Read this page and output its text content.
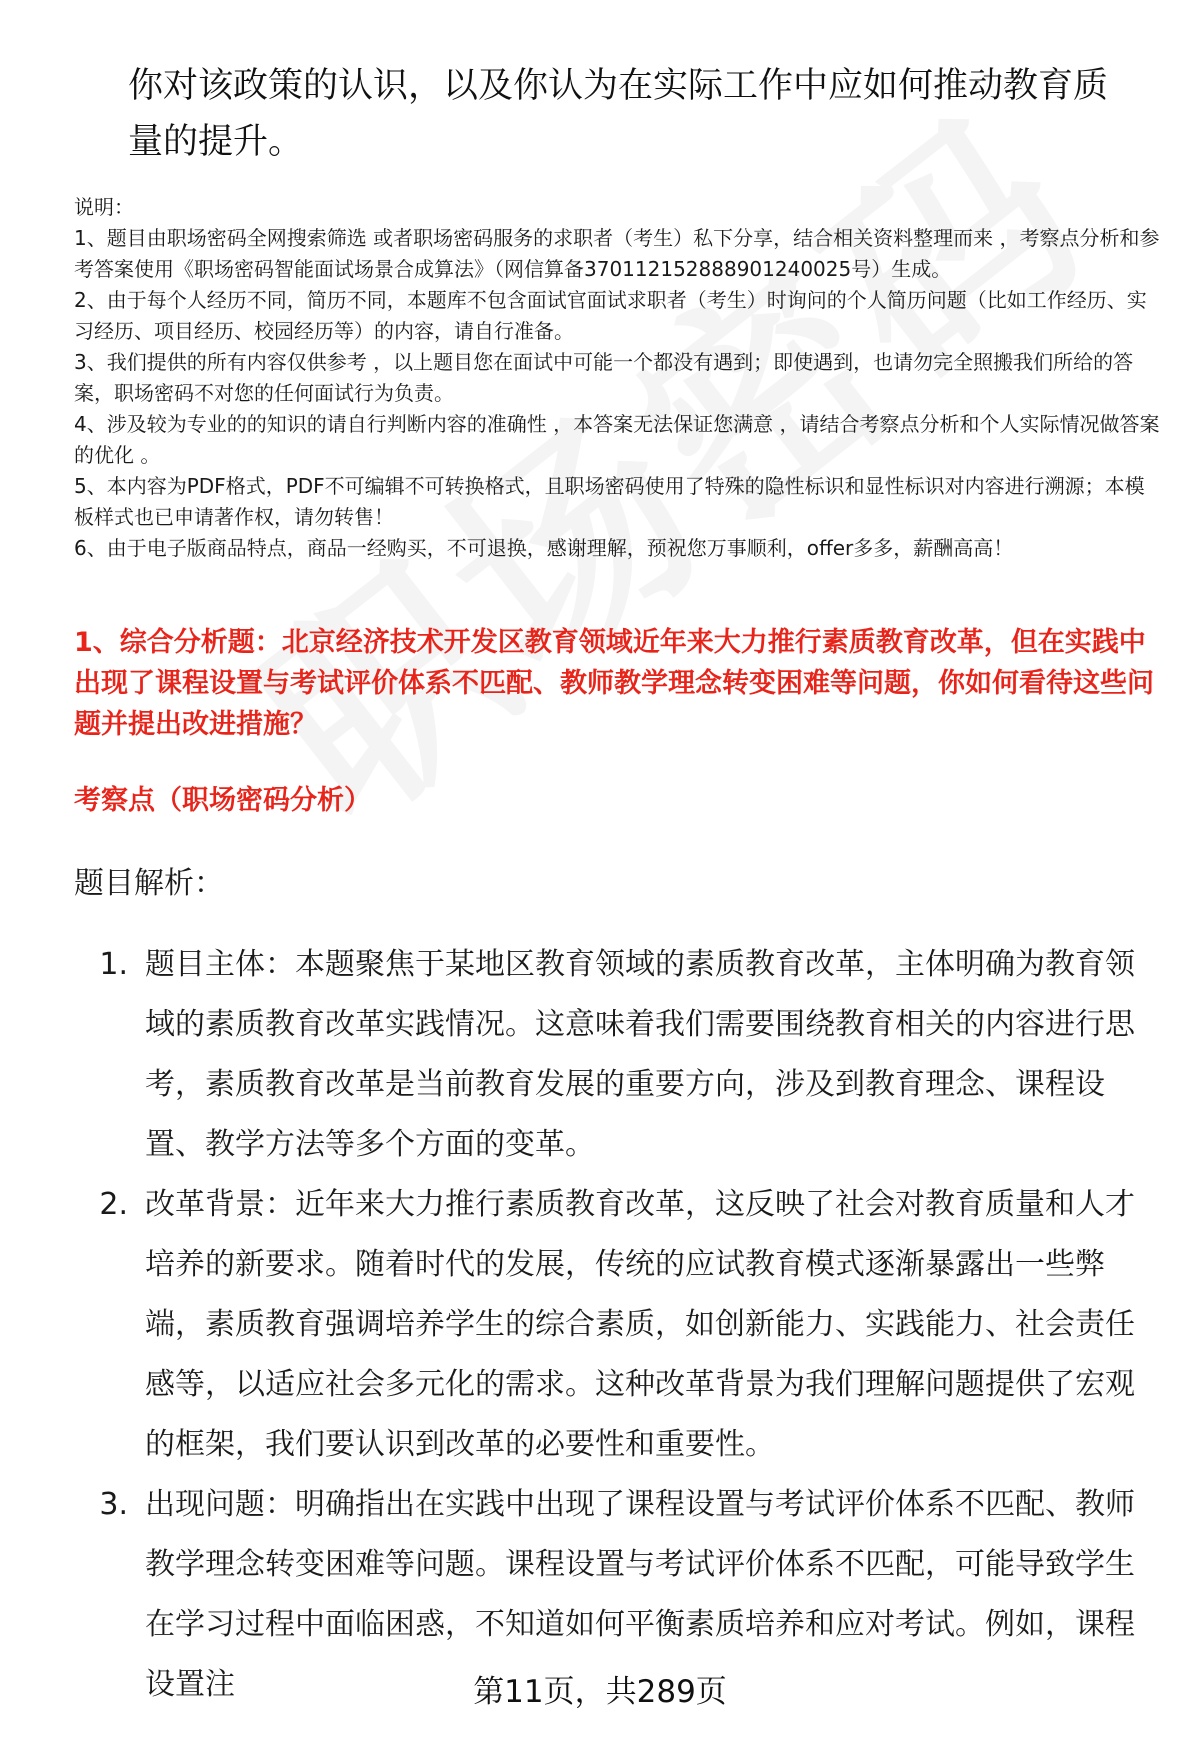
你对该政策的认识，以及你认为在实际工作中应如何推动教育质量的提升。

说明：

1、题目由职场密码全网搜索筛选 或者职场密码服务的求职者（考生）私下分享，结合相关资料整理而来 ，考察点分析和参考答案使用《职场密码智能面试场景合成算法》（网信算备370112152888901240025号）生成。

2、由于每个人经历不同，简历不同，本题库不包含面试官面试求职者（考生）时询问的个人简历问题（比如工作经历、实习经历、项目经历、校园经历等）的内容，请自行准备。

3、我们提供的所有内容仅供参考 ，以上题目您在面试中可能一个都没有遇到；即使遇到，也请勿完全照搬我们所给的答案，职场密码不对您的任何面试行为负责。

4、涉及较为专业的的知识的请自行判断内容的准确性 ，本答案无法保证您满意 ，请结合考察点分析和个人实际情况做答案的优化 。

5、本内容为PDF格式，PDF不可编辑不可转换格式，且职场密码使用了特殊的隐性标识和显性标识对内容进行溯源；本模板样式也已申请著作权，请勿转售！

6、由于电子版商品特点，商品一经购买，不可退换，感谢理解，预祝您万事顺利，offer多多，薪酬高高！

1、综合分析题：北京经济技术开发区教育领域近年来大力推行素质教育改革，但在实践中出现了课程设置与考试评价体系不匹配、教师教学理念转变困难等问题，你如何看待这些问题并提出改进措施？
考察点（职场密码分析）
题目解析：
1. 题目主体：本题聚焦于某地区教育领域的素质教育改革，主体明确为教育领域的素质教育改革实践情况。这意味着我们需要围绕教育相关的内容进行思考，素质教育改革是当前教育发展的重要方向，涉及到教育理念、课程设置、教学方法等多个方面的变革。
2. 改革背景：近年来大力推行素质教育改革，这反映了社会对教育质量和人才培养的新要求。随着时代的发展，传统的应试教育模式逐渐暴露出一些弊端，素质教育强调培养学生的综合素质，如创新能力、实践能力、社会责任感等，以适应社会多元化的需求。这种改革背景为我们理解问题提供了宏观的框架，我们要认识到改革的必要性和重要性。
3. 出现问题：明确指出在实践中出现了课程设置与考试评价体系不匹配、教师教学理念转变困难等问题。课程设置与考试评价体系不匹配，可能导致学生在学习过程中面临困惑，不知道如何平衡素质培养和应对考试。例如，课程设置注	第11页，共289页
